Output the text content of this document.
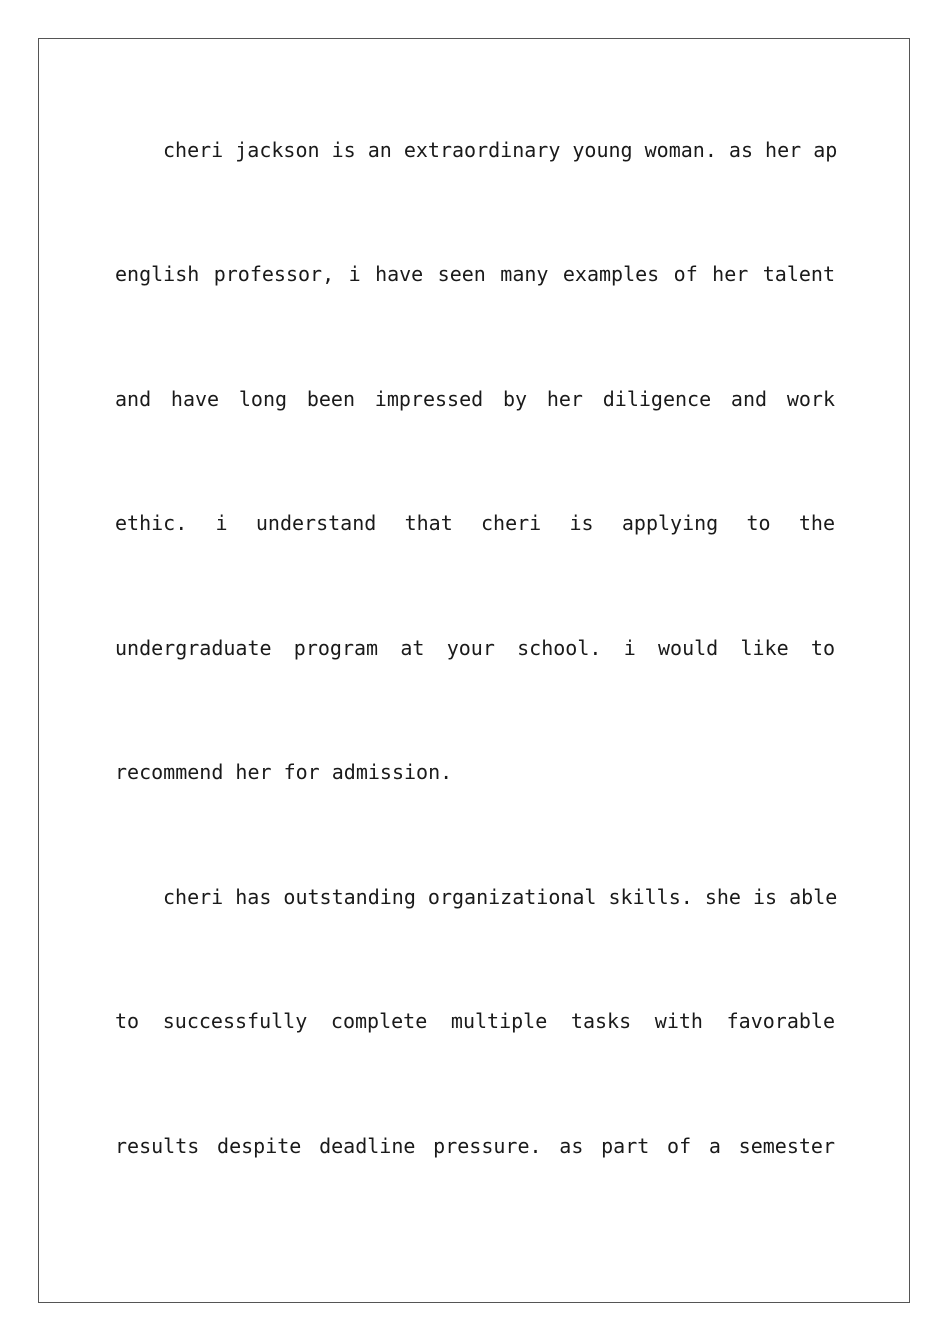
cheri jackson is an extraordinary young woman. as her ap

english professor, i have seen many examples of her talent

and have long been impressed by her diligence and work

ethic. i understand that cheri is applying to the

undergraduate program at your school. i would like to

recommend her for admission.

cheri has outstanding organizational skills. she is able

to successfully complete multiple tasks with favorable

results despite deadline pressure. as part of a semester
